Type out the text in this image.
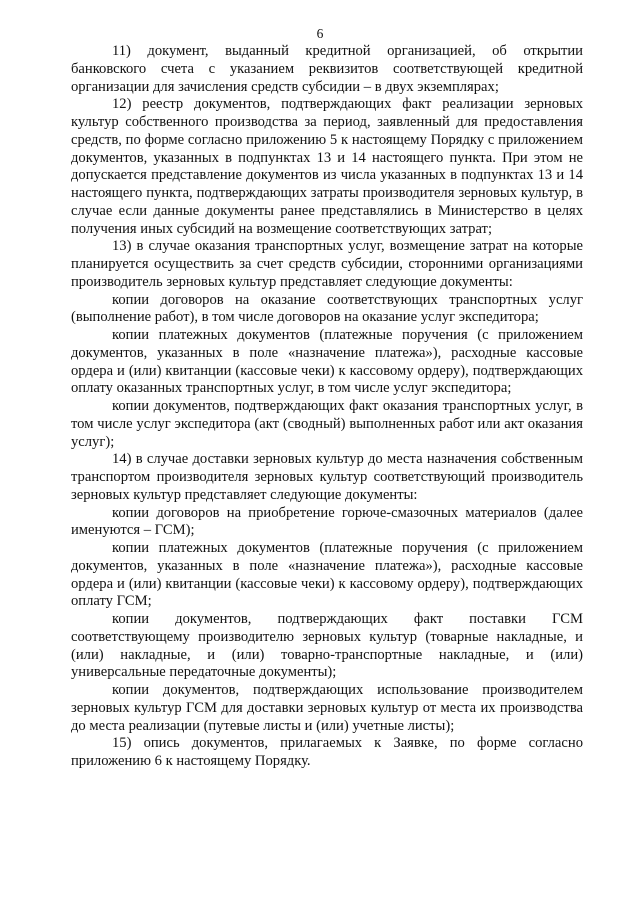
6

11) документ, выданный кредитной организацией, об открытии банковского счета с указанием реквизитов соответствующей кредитной организации для зачисления средств субсидии – в двух экземплярах;

12) реестр документов, подтверждающих факт реализации зерновых культур собственного производства за период, заявленный для предоставления средств, по форме согласно приложению 5 к настоящему Порядку с приложением документов, указанных в подпунктах 13 и 14 настоящего пункта. При этом не допускается представление документов из числа указанных в подпунктах 13 и 14 настоящего пункта, подтверждающих затраты производителя зерновых культур, в случае если данные документы ранее представлялись в Министерство в целях получения иных субсидий на возмещение соответствующих затрат;

13) в случае оказания транспортных услуг, возмещение затрат на которые планируется осуществить за счет средств субсидии, сторонними организациями производитель зерновых культур представляет следующие документы:

копии договоров на оказание соответствующих транспортных услуг (выполнение работ), в том числе договоров на оказание услуг экспедитора;

копии платежных документов (платежные поручения (с приложением документов, указанных в поле «назначение платежа»), расходные кассовые ордера и (или) квитанции (кассовые чеки) к кассовому ордеру), подтверждающих оплату оказанных транспортных услуг, в том числе услуг экспедитора;

копии документов, подтверждающих факт оказания транспортных услуг, в том числе услуг экспедитора (акт (сводный) выполненных работ или акт оказания услуг);

14) в случае доставки зерновых культур до места назначения собственным транспортом производителя зерновых культур соответствующий производитель зерновых культур представляет следующие документы:

копии договоров на приобретение горюче-смазочных материалов (далее именуются – ГСМ);

копии платежных документов (платежные поручения (с приложением документов, указанных в поле «назначение платежа»), расходные кассовые ордера и (или) квитанции (кассовые чеки) к кассовому ордеру), подтверждающих оплату ГСМ;

копии документов, подтверждающих факт поставки ГСМ соответствующему производителю зерновых культур (товарные накладные, и (или) накладные, и (или) товарно-транспортные накладные, и (или) универсальные передаточные документы);

копии документов, подтверждающих использование производителем зерновых культур ГСМ для доставки зерновых культур от места их производства до места реализации (путевые листы и (или) учетные листы);

15) опись документов, прилагаемых к Заявке, по форме согласно приложению 6 к настоящему Порядку.
